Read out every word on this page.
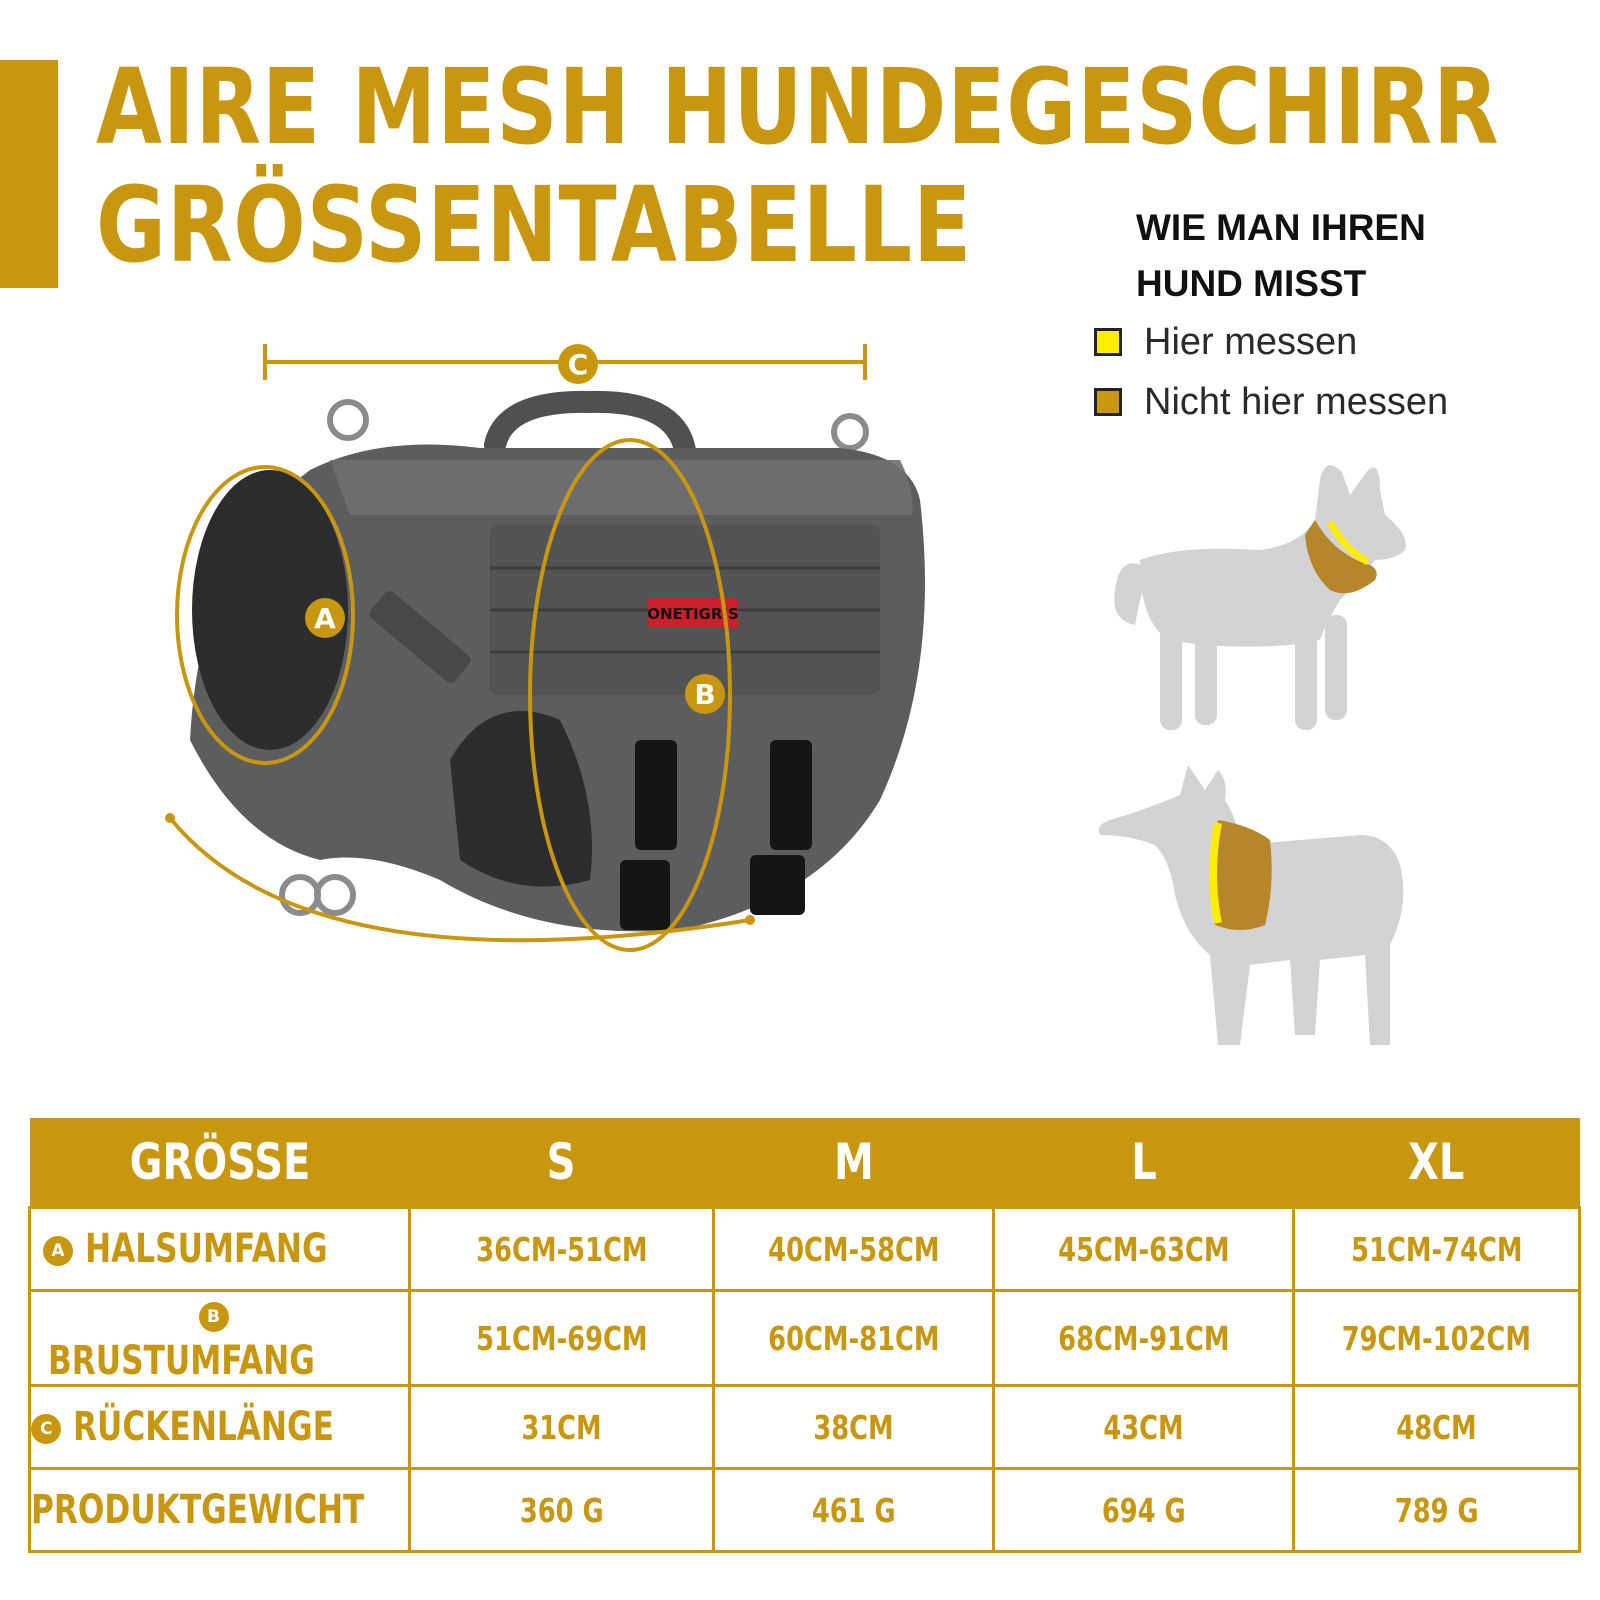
AIRE MESH HUNDEGESCHIRR
GRÖSSENTABELLE	WIE MAN IHREN
HUND MISST
Hier messen
Nicht hier messen
ONETIGRIS
C
A
B
GRÖSSE	S	M	L	XL
A HALSUMFANG	36CM-51CM	40CM-58CM	45CM-63CM	51CM-74CM
BBRUSTUMFANG	51CM-69CM	60CM-81CM	68CM-91CM	79CM-102CM
C RÜCKENLÄNGE	31CM	38CM	43CM	48CM
PRODUKTGEWICHT	360 G	461 G	694 G	789 G
